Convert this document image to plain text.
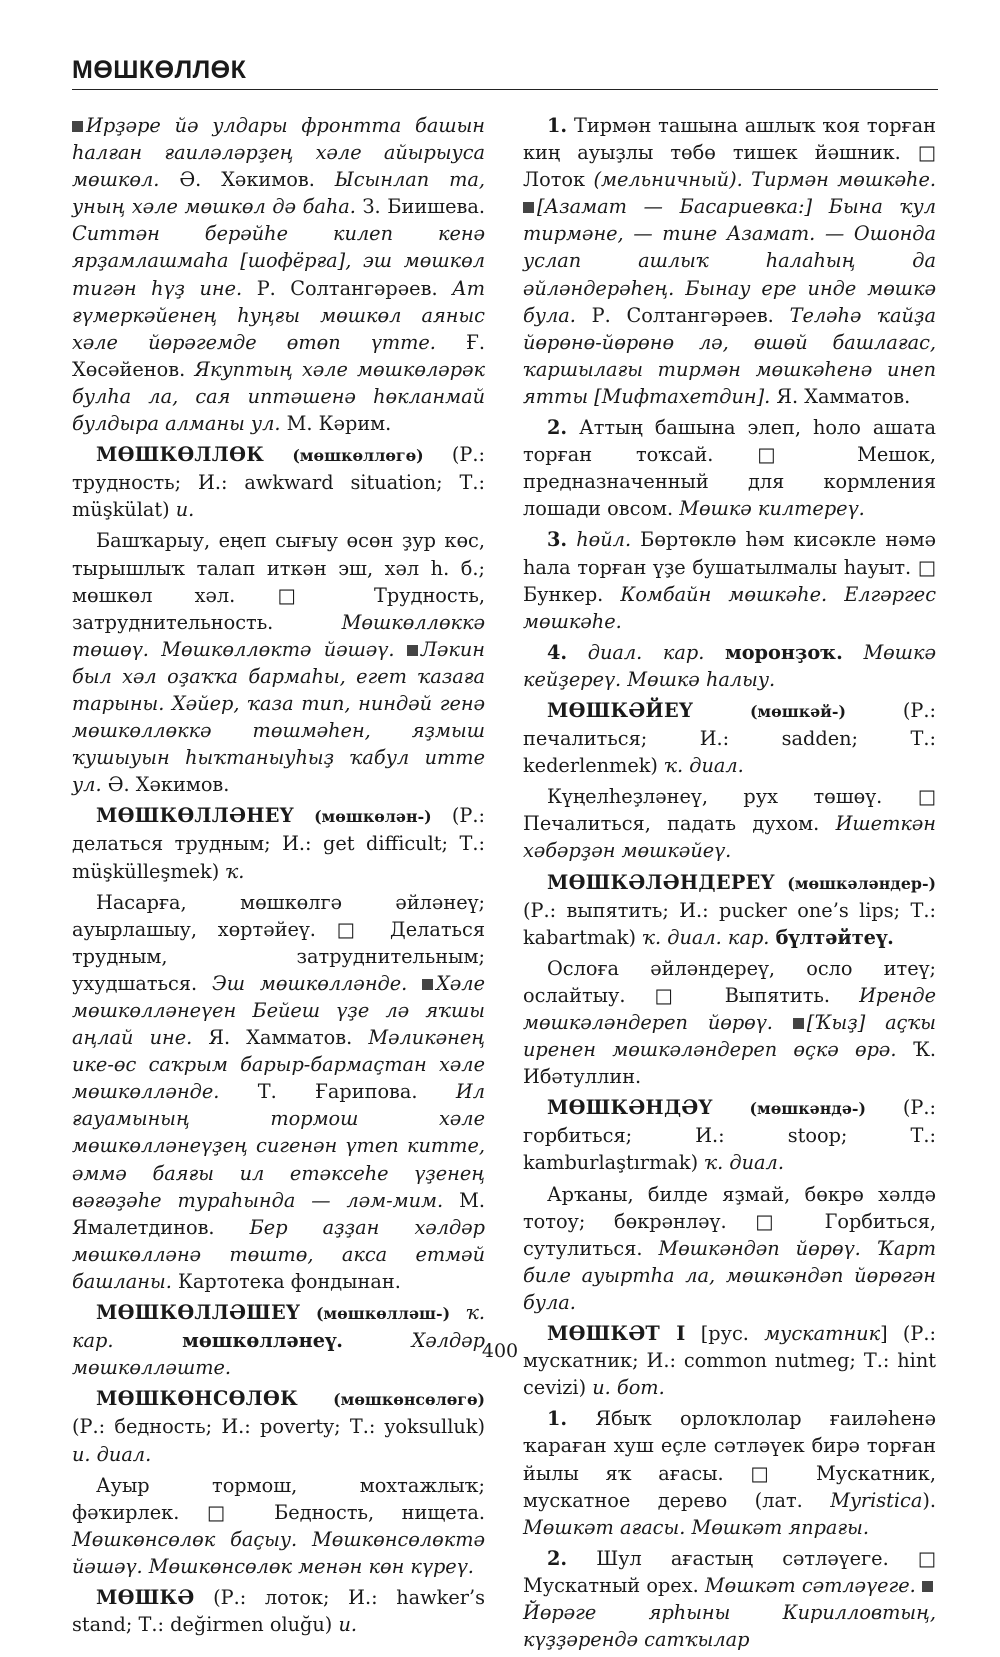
МӨШКӨЛЛӨК

Ирҙәре йә улдары фронтта башын һалған ғаиләләрҙең хәле айырыуса мөшкөл. Ә. Хәкимов. Ысынлап та, уның хәле мөшкөл дә баһа. З. Биишева. Ситтән берәйһе килеп кенә ярҙамлашмаһа [шофёрға], эш мөшкөл тигән һүҙ ине. Р. Солтангәрәев. Ат ғүмеркәйенең һуңғы мөшкөл аяныс хәле йөрәгемде өтөп үтте. Ғ. Хөсәйенов. Якуптың хәле мөшкөләрәк булһа ла, сая иптәшенә һөкланмай булдыра алманы ул. М. Кәрим.

МӨШКӨЛЛӨК (мөшкөллөгө) (Р.: трудность; И.: awkward situation; Т.: müşkülat) и.

Башҡарыу, еңеп сығыу өсөн ҙур көс, тырышлыҡ талап иткән эш, хәл һ. б.; мөшкөл хәл. □ Трудность, затруднительность. Мөшкөллөккә төшөү. Мөшкөллөктә йәшәү. Ләкин был хәл оҙаҡҡа бармаһы, егет ҡазаға тарыны. Хәйер, ҡаза тип, ниндәй генә мөшкөллөккә төшмәһен, яҙмыш ҡушыуын һыҡтаныуһыҙ ҡабул итте ул. Ә. Хәкимов.

МӨШКӨЛЛӘНЕҮ (мөшкөлән-) (Р.: делаться трудным; И.: get difficult; Т.: müşkülleşmek) ҡ.

Насарға, мөшкөлгә әйләнеү; ауырлашыу, хөртәйеү. □ Делаться трудным, затруднительным; ухудшаться. Эш мөшкөлләнде. Хәле мөшкөлләнеүен Бейеш үҙе лә яҡшы аңлай ине. Я. Хамматов. Мәликәнең ике-өс саҡрым барыр-бармаҫтан хәле мөшкөлләнде. Т. Ғарипова. Ил ғауамының тормош хәле мөшкөлләнеүҙең сигенән үтеп китте, әммә баяғы ил етәксеһе үҙенең вәғәҙәһе тураһында — ләм-мим. М. Ямалетдинов. Бер аҙҙан хәлдәр мөшкөлләнә төштө, акса етмәй башланы. Картотека фондынан.

МӨШКӨЛЛӘШЕҮ (мөшкөлләш-) ҡ. кар.	мөшкөлләнеү.	Хәлдәр мөшкөлләште.

МӨШКӨНСӨЛӨК (мөшкөнсөлөгө) (Р.: бедность; И.: poverty; Т.: yoksulluk) и. диал.

Ауыр тормош, мохтажлыҡ; фәҡирлек. □ Бедность, нищета. Мөшкөнсөлөк баҫыу. Мөшкөнсөлөктә йәшәү. Мөшкөнсөлөк менән көн күреү.

МӨШКӘ (Р.: лоток; И.: hawker’s stand; Т.: değirmen oluğu) и.

1. Тирмән ташына ашлыҡ ҡоя торған киң ауыҙлы төбө тишек йәшник. □ Лоток (мельничный). Тирмән мөшкәһе. [Азамат — Басариевка:] Бына ҡул тирмәне, — тине Азамат. — Ошонда услап ашлыҡ һалаһың да әйләндерәһең. Бынау ере инде мөшкә була. Р. Солтангәрәев. Теләһә ҡайҙа йөрөнө-йөрөнө лә, өшөй башлағас, ҡаршылағы тирмән мөшкәһенә инеп ятты [Мифтахетдин]. Я. Хамматов.

2. Аттың башына элеп, һоло ашата торған тоҡсай. □ Мешок, предназначенный для кормления лошади овсом. Мөшкә килтереү.

3. һөйл. Бөртөклө һәм кисәкле нәмә һала торған үҙе бушатылмалы һауыт. □ Бункер. Комбайн мөшкәһе. Елгәргес мөшкәһе.

4. диал. кар. моронҙоҡ. Мөшкә кейҙереү. Мөшкә һалыу.

МӨШКӘЙЕҮ	(мөшкәй-) (Р.: печалиться; И.: sadden; Т.: kederlenmek) ҡ. диал.

Күңелһеҙләнеү, рух төшөү. □ Печалиться, падать духом. Ишеткән хәбәрҙән мөшкәйеү.

МӨШКӘЛӘНДЕРЕҮ (мөшкәләндер-) (Р.: выпятить; И.: pucker one’s lips; Т.: kabartmak) ҡ. диал. кар. бүлтәйтеү.

Ослоға әйләндереү, осло итеү; ослайтыу. □ Выпятить. Иренде мөшкәләндереп йөрөү. [Ҡыҙ] аҫҡы иренен мөшкәләндереп өҫкә өрә. Ҡ. Ибәтуллин.

МӨШКӘНДӘҮ (мөшкәндә-) (Р.: горбиться; И.: stoop; Т.: kamburlaştırmak) ҡ. диал.

Арҡаны, билде яҙмай, бөкрө хәлдә тотоу; бөкрәнләү. □ Горбиться, сутулиться. Мөшкәндәп йөрөү. Ҡарт биле ауыртһа ла, мөшкәндәп йөрөгән була.

МӨШКӘТ I [рус. мускатник] (Р.: мускатник; И.: common nutmeg; Т.: hint cevizi) и. бот.

1. Ябыҡ орлоҡлолар ғаиләһенә ҡараған хуш еҫле сәтләүек бирә торған йылы яҡ ағасы. □ Мускатник, мускатное дерево (лат. Myristica). Мөшкәт ағасы. Мөшкәт япрағы.

2. Шул ағастың сәтләүеге. □ Мускатный орех. Мөшкәт сәтләүеге. Йөрәге ярһыны Кирилловтың, күҙҙәрендә сатҡылар

400
